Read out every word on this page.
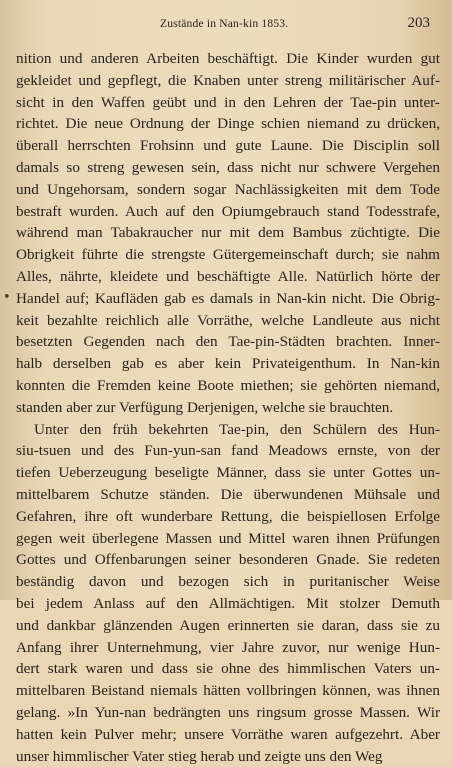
Zustände in Nan-kin 1853.	203
•
nition und anderen Arbeiten beschäftigt. Die Kinder wurden gut
gekleidet und gepflegt, die Knaben unter streng militärischer Auf-
sicht in den Waffen geübt und in den Lehren der Tae-pin unter-
richtet. Die neue Ordnung der Dinge schien niemand zu drücken,
überall herrschten Frohsinn und gute Laune. Die Disciplin soll
damals so streng gewesen sein, dass nicht nur schwere Vergehen
und Ungehorsam, sondern sogar Nachlässigkeiten mit dem Tode
bestraft wurden. Auch auf den Opiumgebrauch stand Todesstrafe,
während man Tabakraucher nur mit dem Bambus züchtigte. Die
Obrigkeit führte die strengste Gütergemeinschaft durch; sie nahm
Alles, nährte, kleidete und beschäftigte Alle. Natürlich hörte der
Handel auf; Kaufläden gab es damals in Nan-kin nicht. Die Obrig-
keit bezahlte reichlich alle Vorräthe, welche Landleute aus nicht
besetzten Gegenden nach den Tae-pin-Städten brachten. Inner-
halb derselben gab es aber kein Privateigenthum. In Nan-kin
konnten die Fremden keine Boote miethen; sie gehörten niemand,
standen aber zur Verfügung Derjenigen, welche sie brauchten.
Unter den früh bekehrten Tae-pin, den Schülern des Hun-
siu-tsuen und des Fun-yun-san fand Meadows ernste, von der
tiefen Ueberzeugung beseligte Männer, dass sie unter Gottes un-
mittelbarem Schutze ständen. Die überwundenen Mühsale und
Gefahren, ihre oft wunderbare Rettung, die beispiellosen Erfolge
gegen weit überlegene Massen und Mittel waren ihnen Prüfungen
Gottes und Offenbarungen seiner besonderen Gnade. Sie redeten
beständig davon und bezogen sich in puritanischer Weise
bei jedem Anlass auf den Allmächtigen. Mit stolzer Demuth
und dankbar glänzenden Augen erinnerten sie daran, dass sie zu
Anfang ihrer Unternehmung, vier Jahre zuvor, nur wenige Hun-
dert stark waren und dass sie ohne des himmlischen Vaters un-
mittelbaren Beistand niemals hätten vollbringen können, was ihnen
gelang. »In Yun-nan bedrängten uns ringsum grosse Massen. Wir
hatten kein Pulver mehr; unsere Vorräthe waren aufgezehrt. Aber
unser himmlischer Vater stieg herab und zeigte uns den Weg
